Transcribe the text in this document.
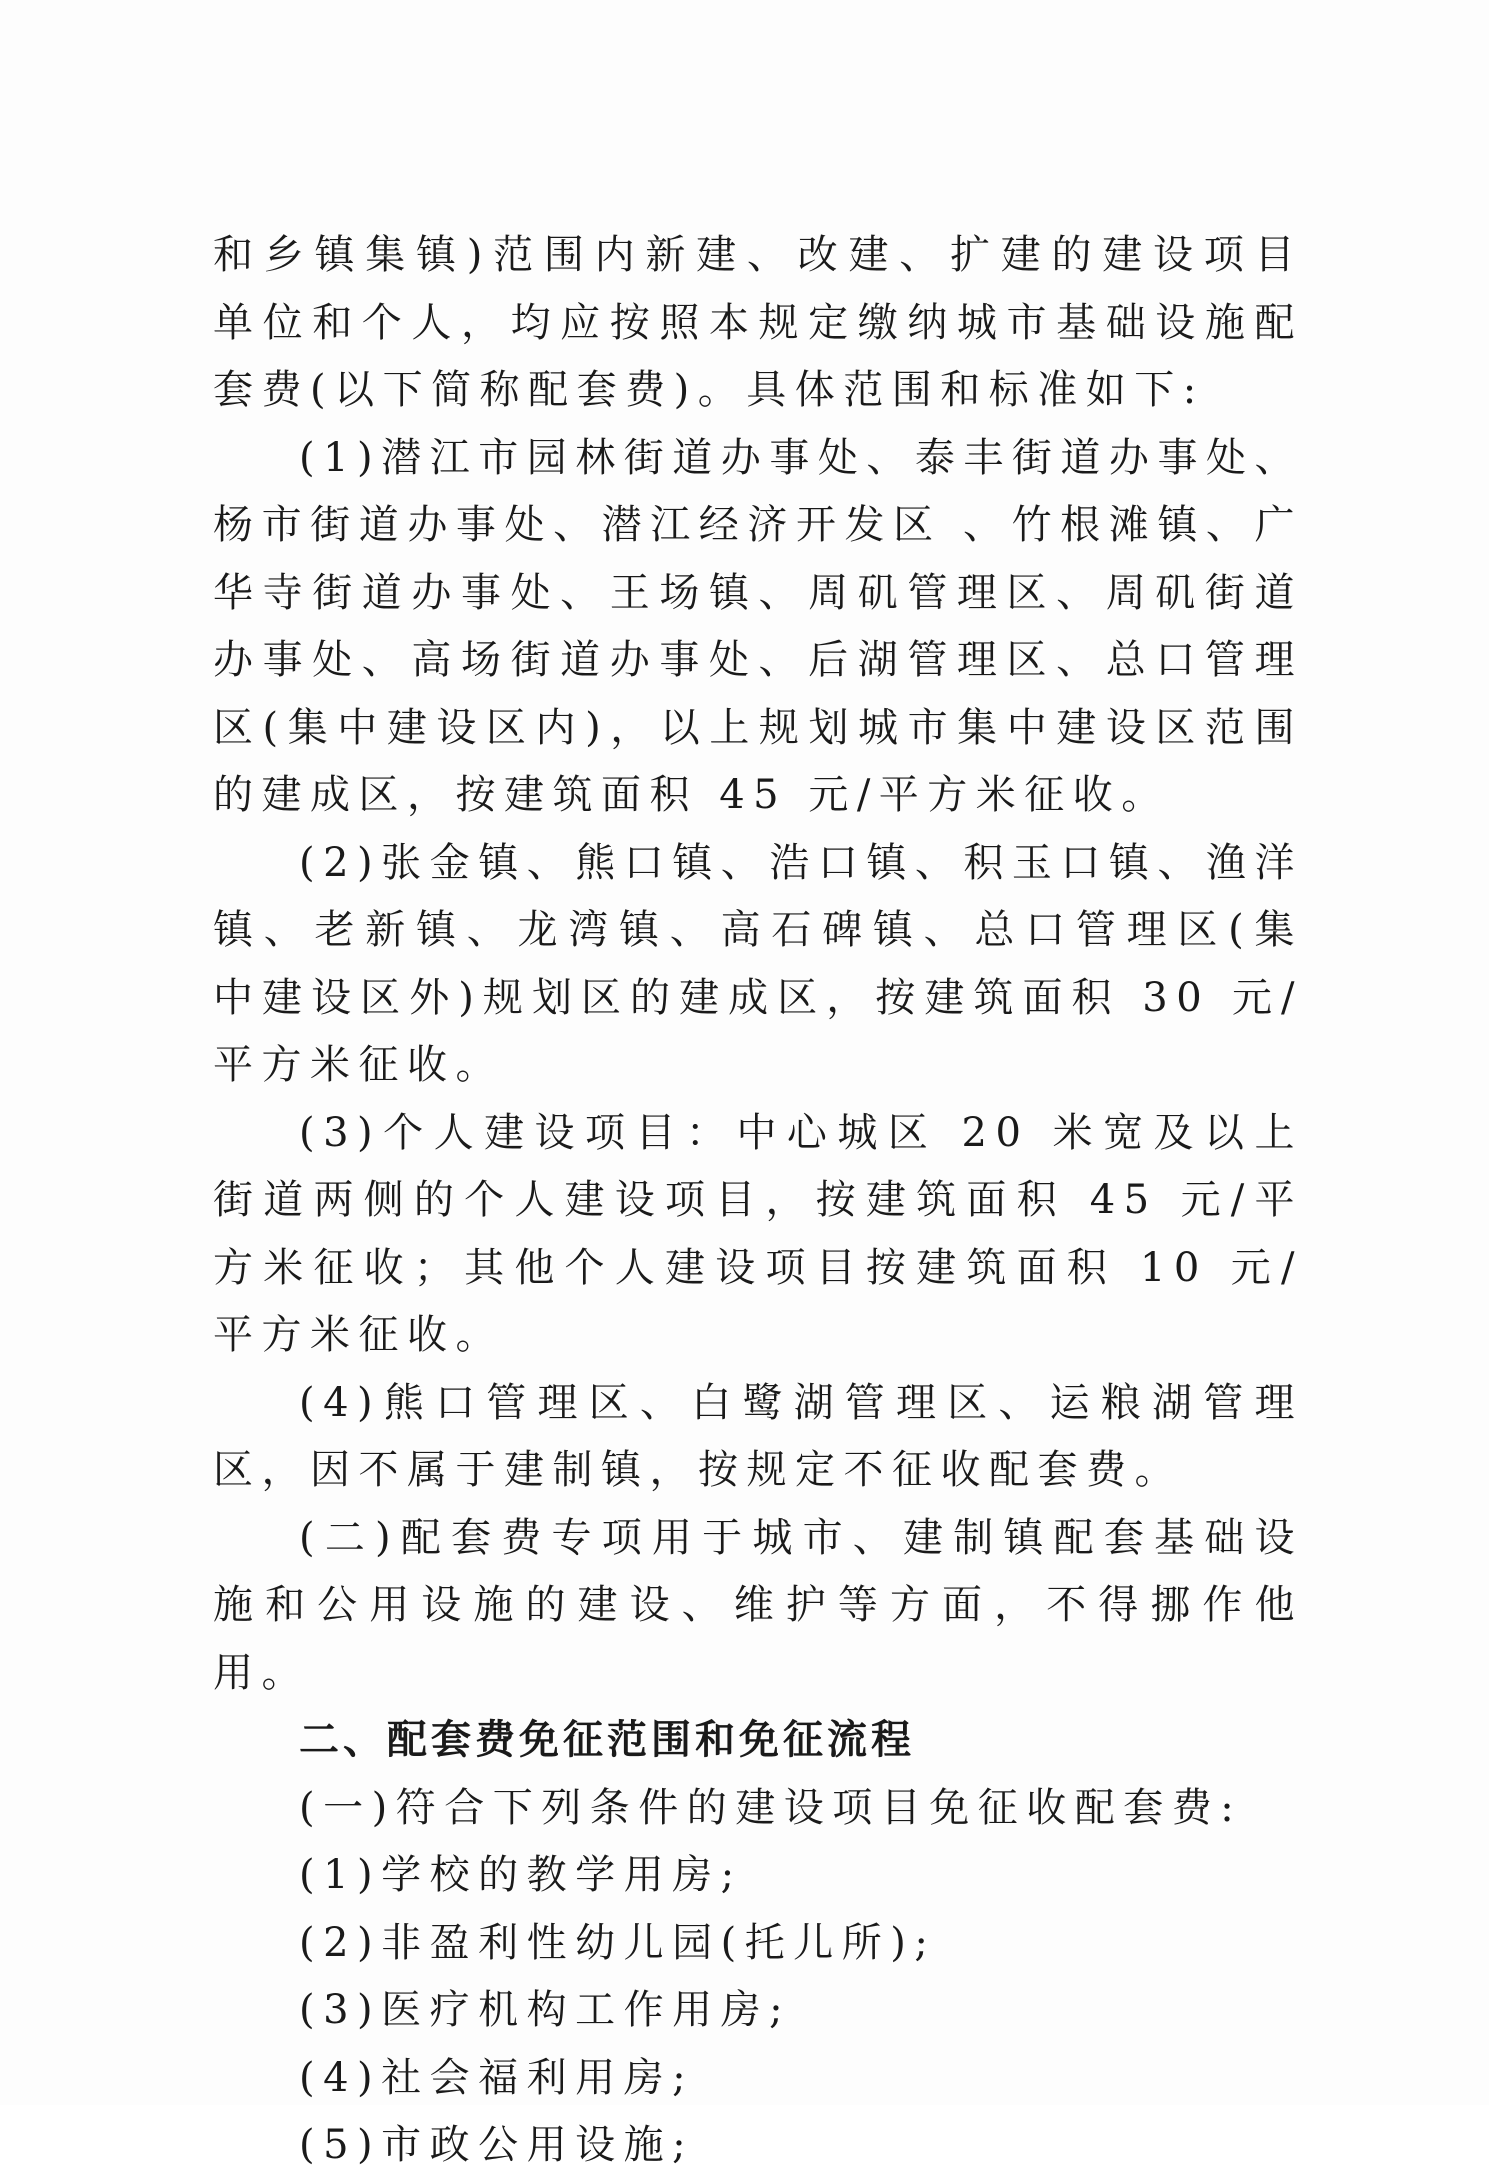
和乡镇集镇)范围内新建、改建、扩建的建设项目单位和个人，均应按照本规定缴纳城市基础设施配套费(以下简称配套费)。具体范围和标准如下:

(1)潜江市园林街道办事处、泰丰街道办事处、杨市街道办事处、潜江经济开发区 、竹根滩镇、广华寺街道办事处、王场镇、周矶管理区、周矶街道办事处、高场街道办事处、后湖管理区、总口管理区(集中建设区内)，以上规划城市集中建设区范围的建成区，按建筑面积 45 元/平方米征收。

(2)张金镇、熊口镇、浩口镇、积玉口镇、渔洋镇、老新镇、龙湾镇、高石碑镇、总口管理区(集中建设区外)规划区的建成区，按建筑面积 30 元/平方米征收。

(3)个人建设项目：中心城区 20 米宽及以上街道两侧的个人建设项目，按建筑面积 45 元/平方米征收；其他个人建设项目按建筑面积 10 元/平方米征收。

(4)熊口管理区、白鹭湖管理区、运粮湖管理区，因不属于建制镇，按规定不征收配套费。

(二)配套费专项用于城市、建制镇配套基础设施和公用设施的建设、维护等方面，不得挪作他用。

二、配套费免征范围和免征流程

(一)符合下列条件的建设项目免征收配套费:

(1)学校的教学用房;

(2)非盈利性幼儿园(托儿所);

(3)医疗机构工作用房;

(4)社会福利用房;

(5)市政公用设施;
